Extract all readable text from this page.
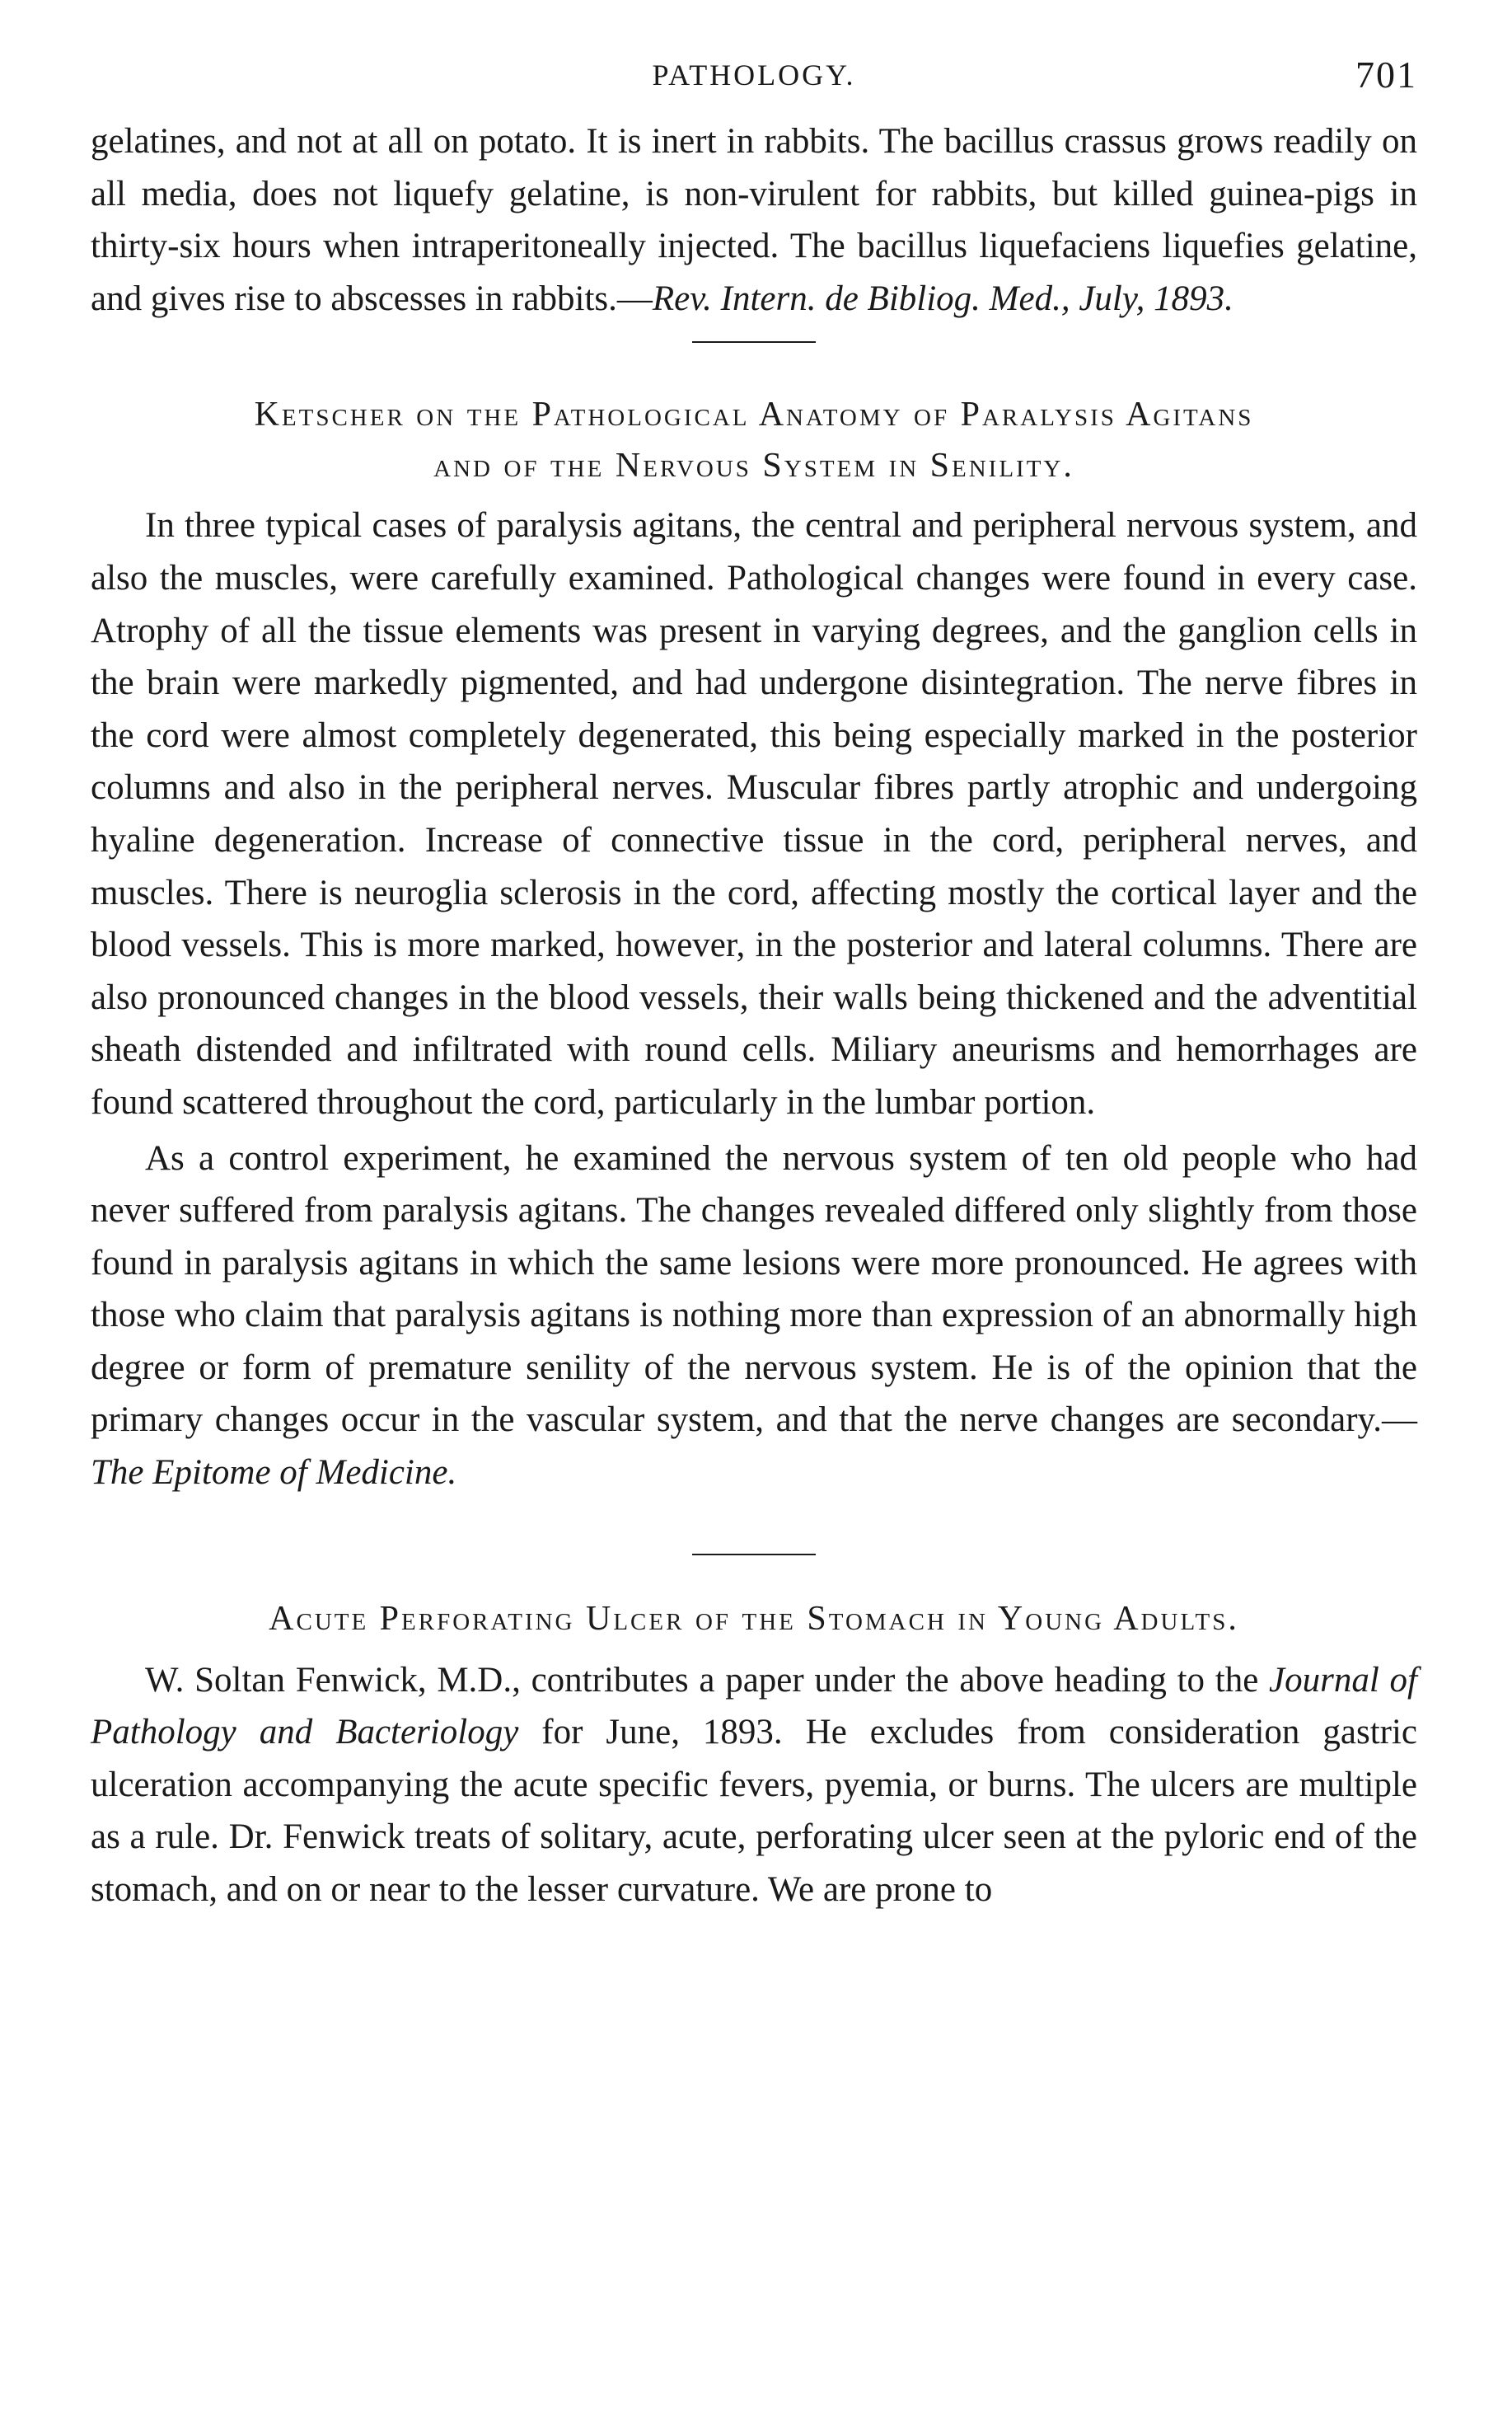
PATHOLOGY.	701

gelatines, and not at all on potato. It is inert in rabbits. The bacillus crassus grows readily on all media, does not liquefy gelatine, is non-virulent for rabbits, but killed guinea-pigs in thirty-six hours when intraperitoneally injected. The bacillus liquefaciens liquefies gelatine, and gives rise to abscesses in rabbits.—Rev. Intern. de Bibliog. Med., July, 1893.

Ketscher on the Pathological Anatomy of Paralysis Agitans
and of the Nervous System in Senility.

In three typical cases of paralysis agitans, the central and peripheral nervous system, and also the muscles, were carefully examined. Pathological changes were found in every case. Atrophy of all the tissue elements was present in varying degrees, and the ganglion cells in the brain were markedly pigmented, and had undergone disintegration. The nerve fibres in the cord were almost completely degenerated, this being especially marked in the posterior columns and also in the peripheral nerves. Muscular fibres partly atrophic and undergoing hyaline degeneration. Increase of connective tissue in the cord, peripheral nerves, and muscles. There is neuroglia sclerosis in the cord, affecting mostly the cortical layer and the blood vessels. This is more marked, however, in the posterior and lateral columns. There are also pronounced changes in the blood vessels, their walls being thickened and the adventitial sheath distended and infiltrated with round cells. Miliary aneurisms and hemorrhages are found scattered throughout the cord, particularly in the lumbar portion.

As a control experiment, he examined the nervous system of ten old people who had never suffered from paralysis agitans. The changes revealed differed only slightly from those found in paralysis agitans in which the same lesions were more pronounced. He agrees with those who claim that paralysis agitans is nothing more than expression of an abnormally high degree or form of premature senility of the nervous system. He is of the opinion that the primary changes occur in the vascular system, and that the nerve changes are secondary.—The Epitome of Medicine.

Acute Perforating Ulcer of the Stomach in Young Adults.

W. Soltan Fenwick, M.D., contributes a paper under the above heading to the Journal of Pathology and Bacteriology for June, 1893. He excludes from consideration gastric ulceration accompanying the acute specific fevers, pyemia, or burns. The ulcers are multiple as a rule. Dr. Fenwick treats of solitary, acute, perforating ulcer seen at the pyloric end of the stomach, and on or near to the lesser curvature. We are prone to
